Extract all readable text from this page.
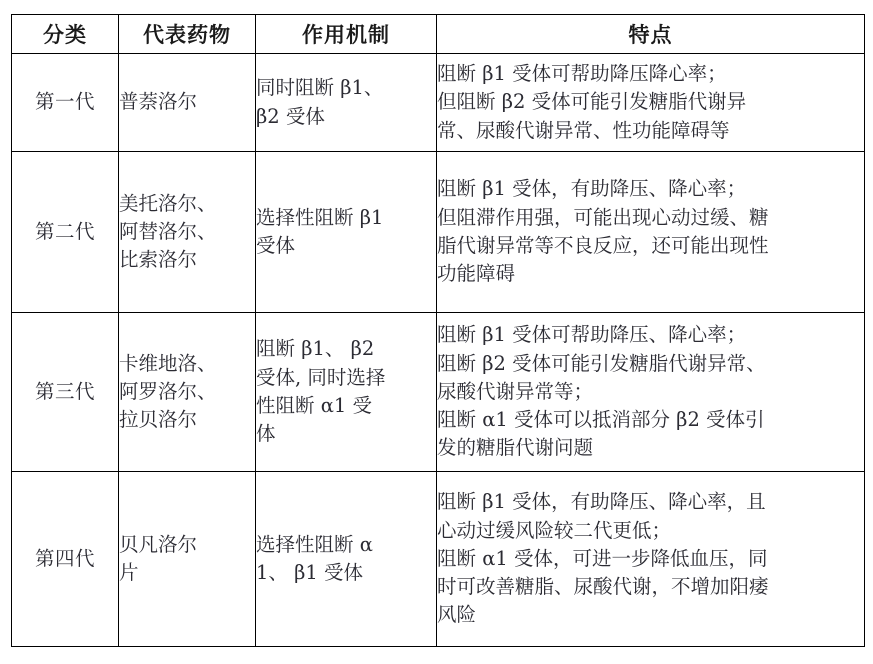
分类	代表药物	作用机制	特点

第一代	普萘洛尔	同时阻断 β1、
β2 受体	阻断 β1 受体可帮助降压降心率；
但阻断 β2 受体可能引发糖脂代谢异
常、尿酸代谢异常、性功能障碍等

第二代	美托洛尔、
阿替洛尔、
比索洛尔	选择性阻断 β1
受体	阻断 β1 受体，有助降压、降心率；
但阻滞作用强，可能出现心动过缓、糖
脂代谢异常等不良反应，还可能出现性
功能障碍

第三代	卡维地洛、
阿罗洛尔、
拉贝洛尔	阻断 β1、 β2
受体, 同时选择
性阻断 α1 受
体	阻断 β1 受体可帮助降压、降心率；
阻断 β2 受体可能引发糖脂代谢异常、
尿酸代谢异常等；
阻断 α1 受体可以抵消部分 β2 受体引
发的糖脂代谢问题

第四代	贝凡洛尔
片	选择性阻断 α
1、 β1 受体	阻断 β1 受体，有助降压、降心率，且
心动过缓风险较二代更低；
阻断 α1 受体，可进一步降低血压，同
时可改善糖脂、尿酸代谢，不增加阳痿
风险
